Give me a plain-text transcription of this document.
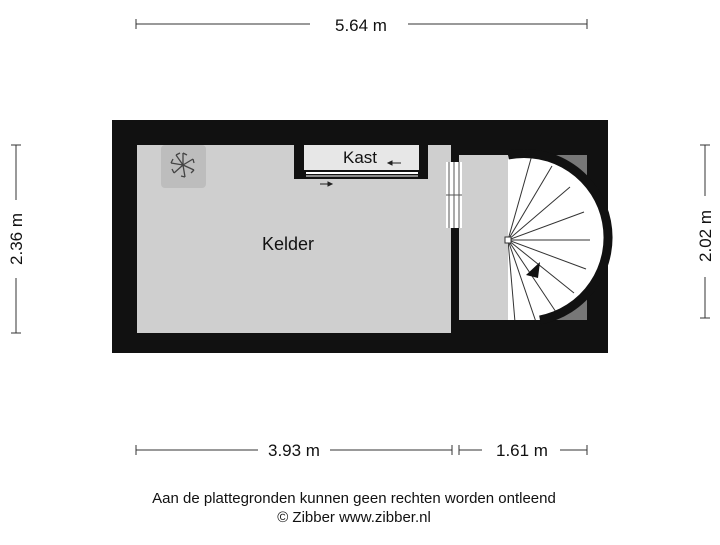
5.64 m
3.93 m	1.61 m
2.36 m	2.02 m
Kast
Kelder
Aan de plattegronden kunnen geen rechten worden ontleend
© Zibber www.zibber.nl
